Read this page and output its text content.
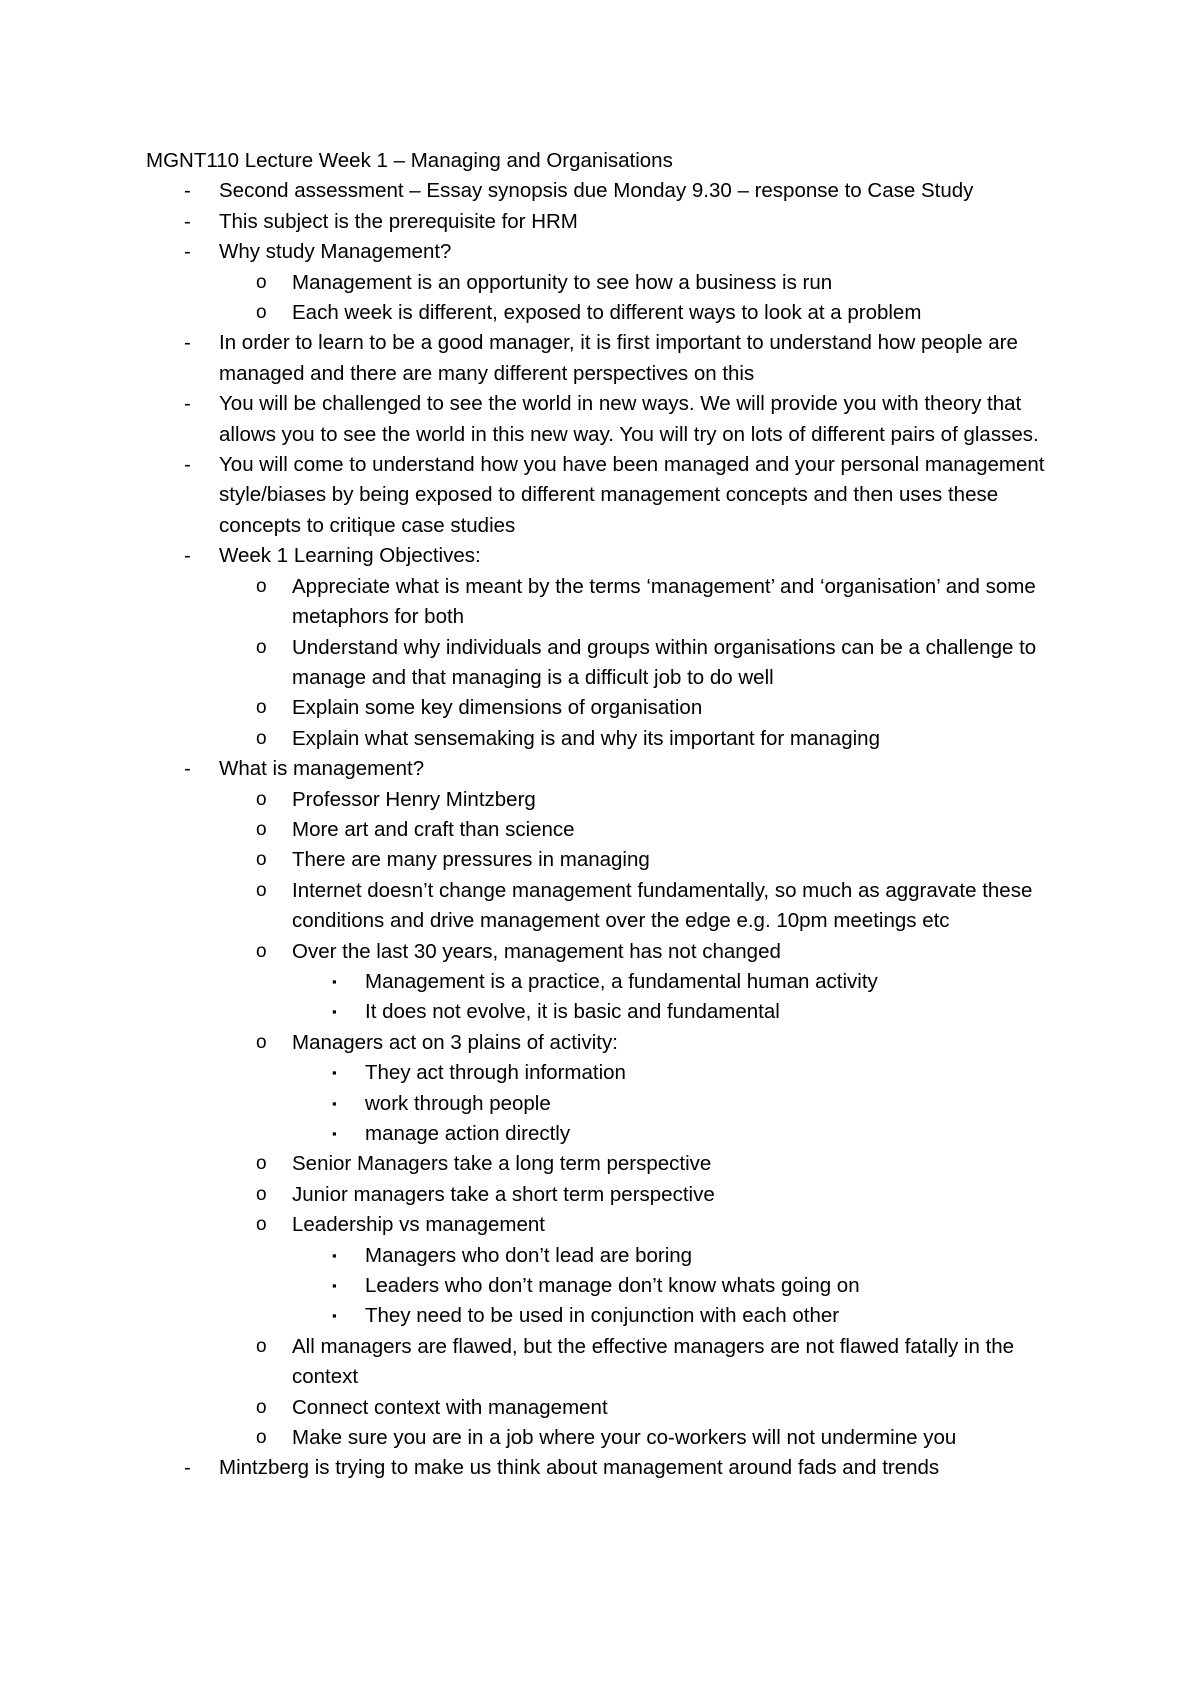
MGNT110 Lecture Week 1 – Managing and Organisations
- Second assessment – Essay synopsis due Monday 9.30 – response to Case Study
- This subject is the prerequisite for HRM
- Why study Management?
o Management is an opportunity to see how a business is run
o Each week is different, exposed to different ways to look at a problem
- In order to learn to be a good manager, it is first important to understand how people are managed and there are many different perspectives on this
- You will be challenged to see the world in new ways. We will provide you with theory that allows you to see the world in this new way. You will try on lots of different pairs of glasses.
- You will come to understand how you have been managed and your personal management style/biases by being exposed to different management concepts and then uses these concepts to critique case studies
- Week 1 Learning Objectives:
o Appreciate what is meant by the terms ‘management’ and ‘organisation’ and some metaphors for both
o Understand why individuals and groups within organisations can be a challenge to manage and that managing is a difficult job to do well
o Explain some key dimensions of organisation
o Explain what sensemaking is and why its important for managing
- What is management?
o Professor Henry Mintzberg
o More art and craft than science
o There are many pressures in managing
o Internet doesn’t change management fundamentally, so much as aggravate these conditions and drive management over the edge e.g. 10pm meetings etc
o Over the last 30 years, management has not changed
▪ Management is a practice, a fundamental human activity
▪ It does not evolve, it is basic and fundamental
o Managers act on 3 plains of activity:
▪ They act through information
▪ work through people
▪ manage action directly
o Senior Managers take a long term perspective
o Junior managers take a short term perspective
o Leadership vs management
▪ Managers who don’t lead are boring
▪ Leaders who don’t manage don’t know whats going on
▪ They need to be used in conjunction with each other
o All managers are flawed, but the effective managers are not flawed fatally in the context
o Connect context with management
o Make sure you are in a job where your co-workers will not undermine you
- Mintzberg is trying to make us think about management around fads and trends
